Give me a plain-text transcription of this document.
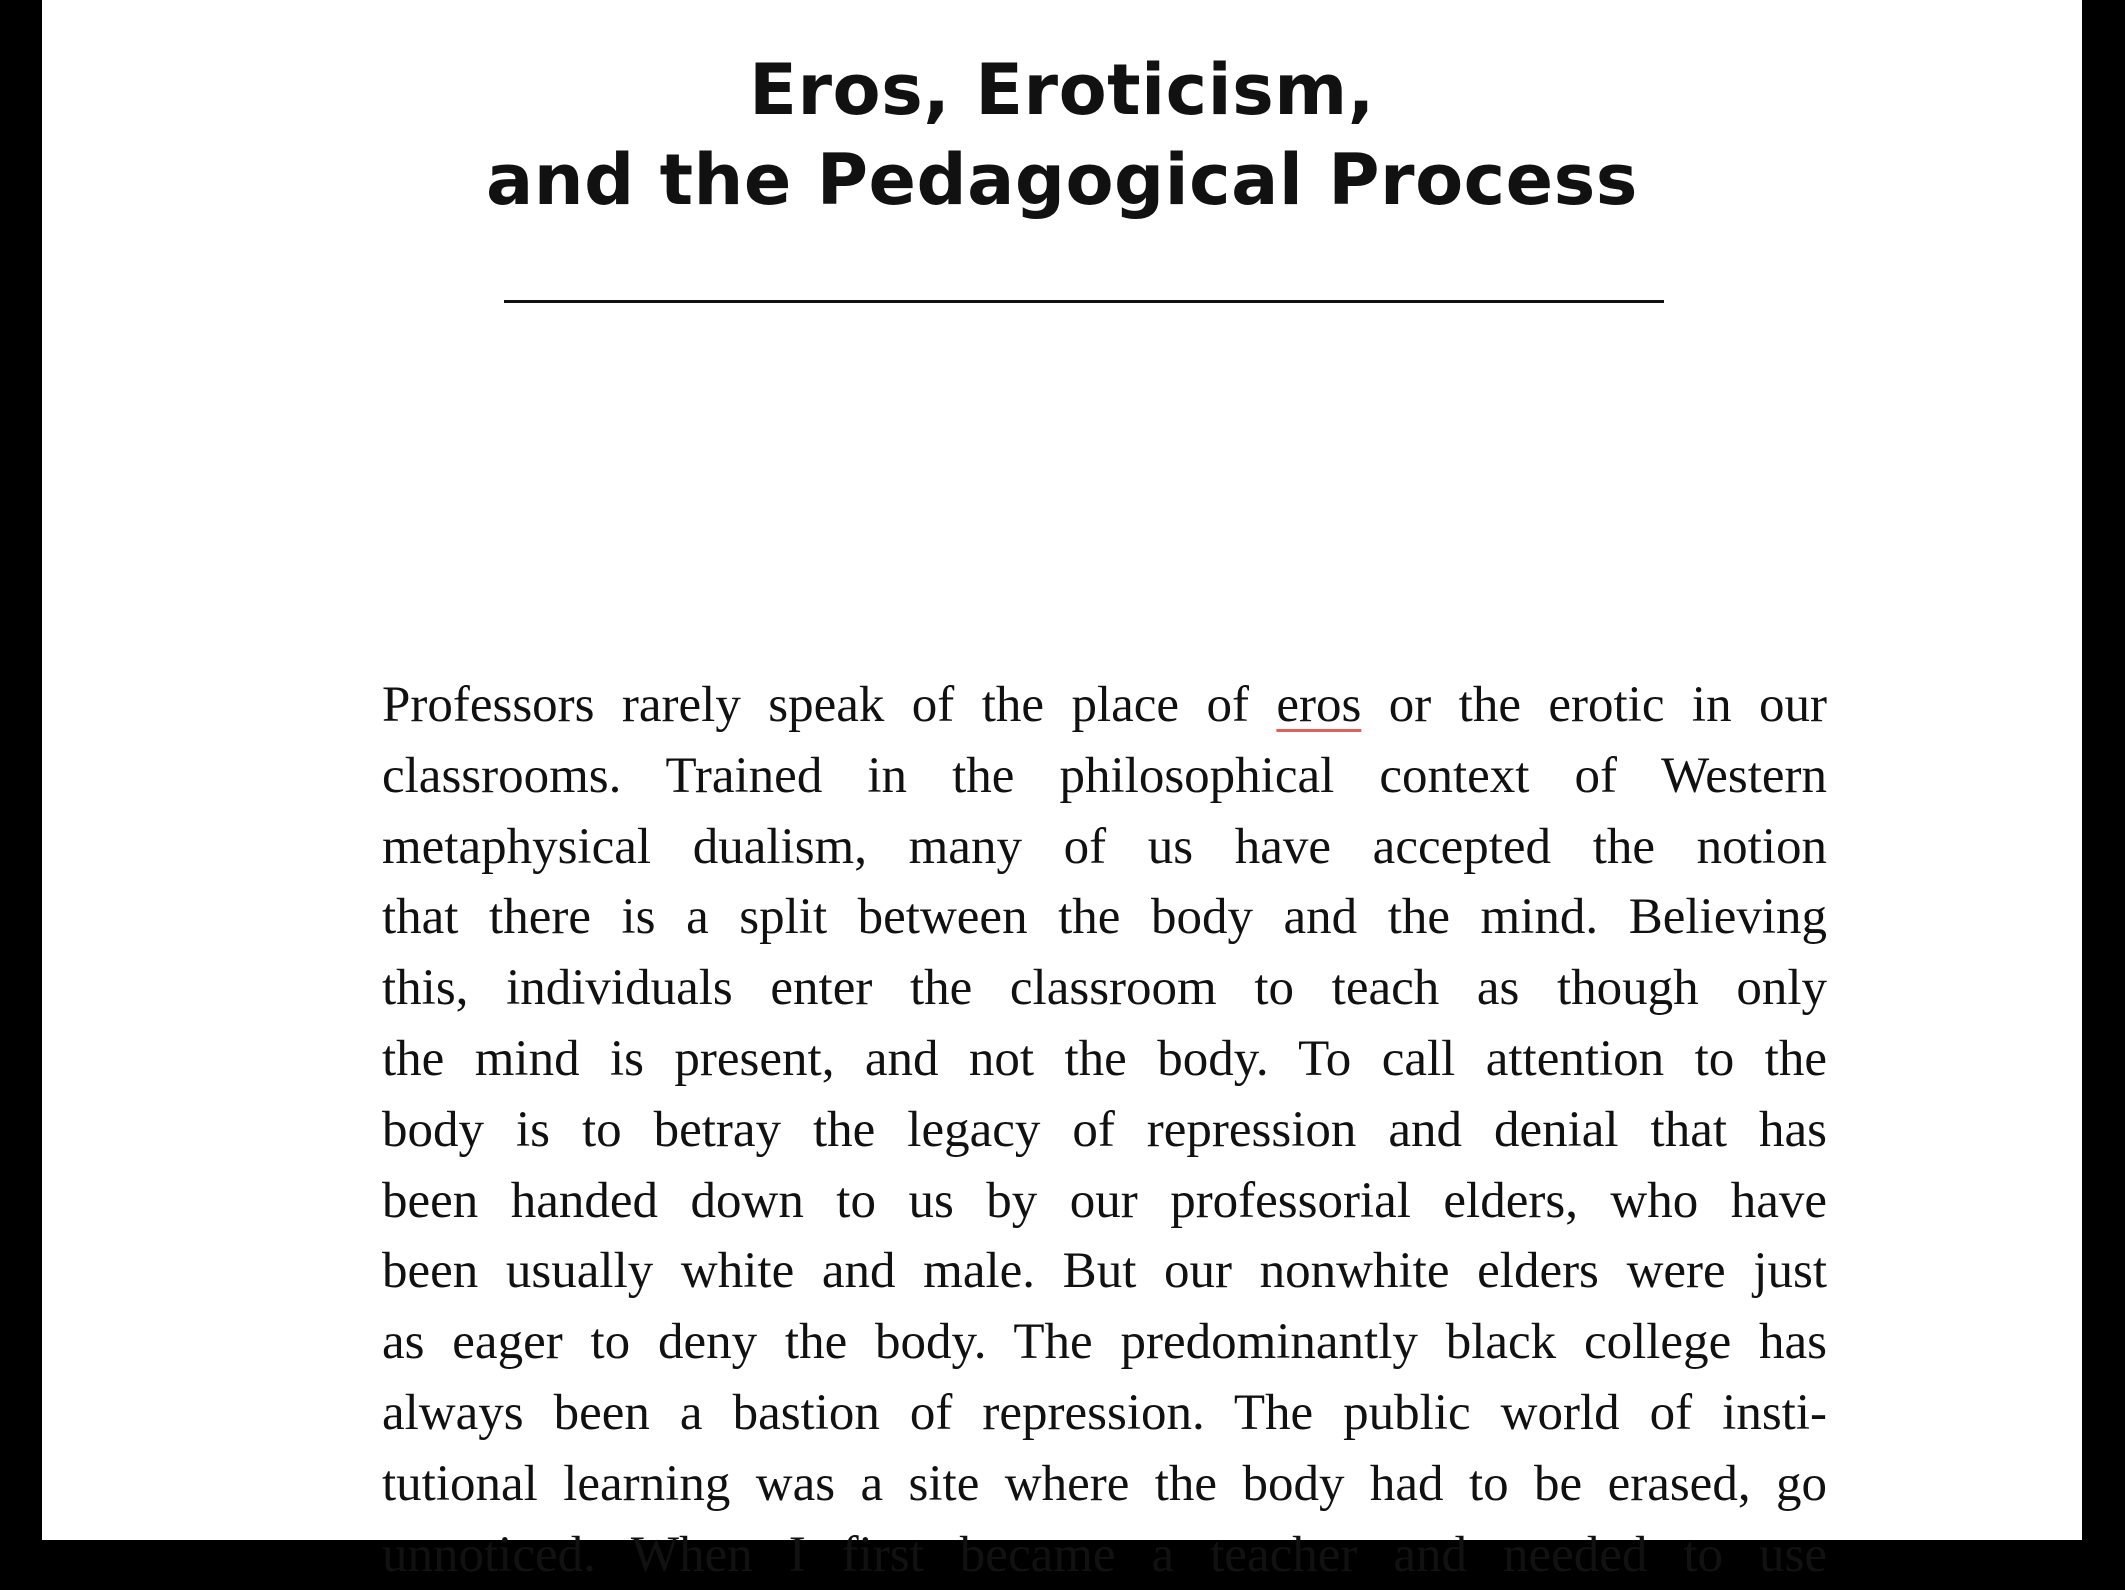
Eros, Eroticism,
and the Pedagogical Process
Professors rarely speak of the place of eros or the erotic in our
classrooms. Trained in the philosophical context of Western
metaphysical dualism, many of us have accepted the notion
that there is a split between the body and the mind. Believing
this, individuals enter the classroom to teach as though only
the mind is present, and not the body. To call attention to the
body is to betray the legacy of repression and denial that has
been handed down to us by our professorial elders, who have
been usually white and male. But our nonwhite elders were just
as eager to deny the body. The predominantly black college has
always been a bastion of repression. The public world of insti-
tutional learning was a site where the body had to be erased, go
unnoticed. When I first became a teacher and needed to use
